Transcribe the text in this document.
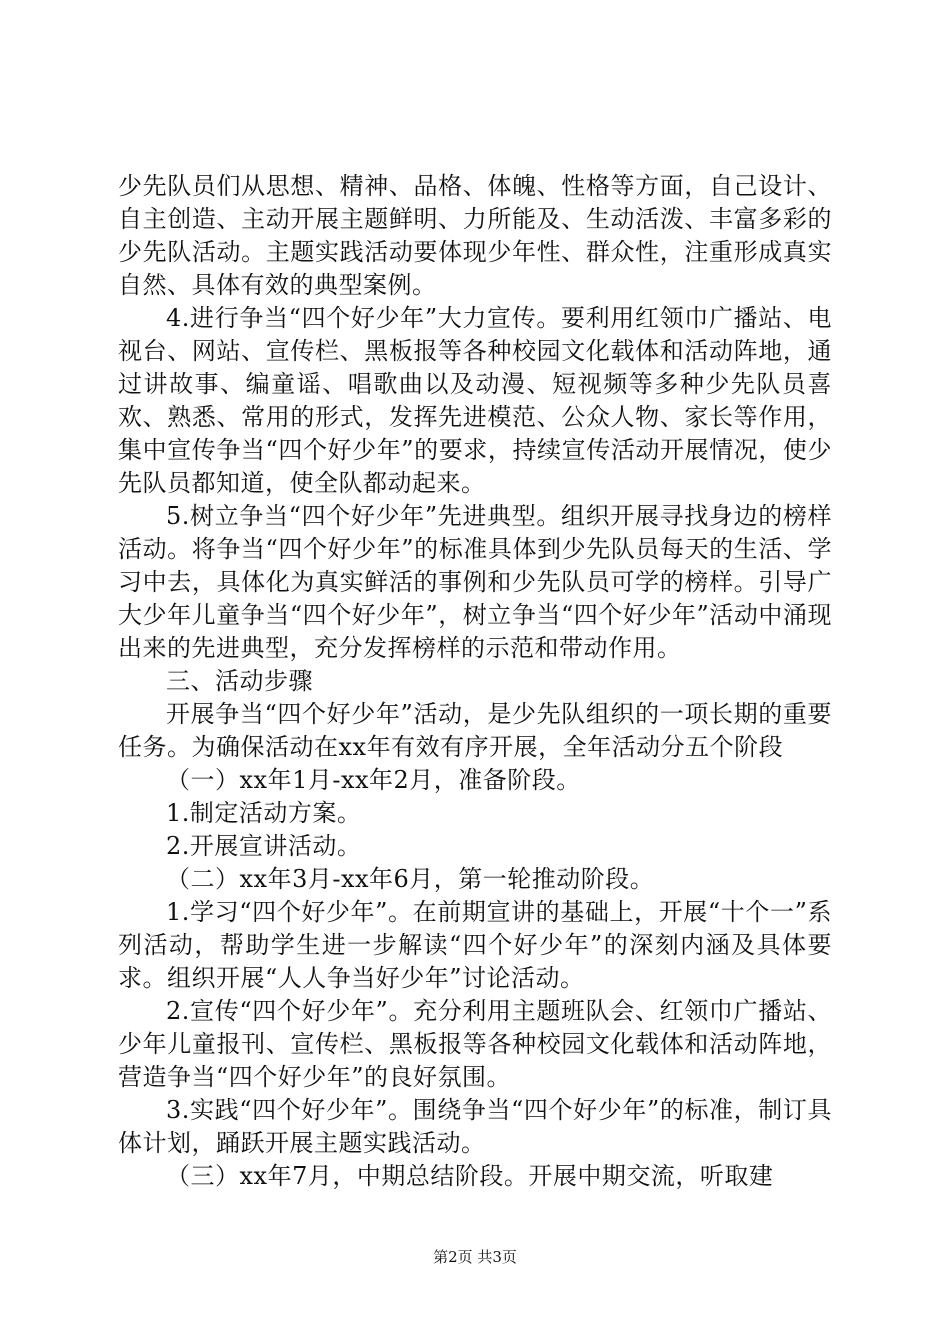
少先队员们从思想、精神、品格、体魄、性格等方面，自己设计、自主创造、主动开展主题鲜明、力所能及、生动活泼、丰富多彩的少先队活动。主题实践活动要体现少年性、群众性，注重形成真实自然、具体有效的典型案例。

4.进行争当“四个好少年”大力宣传。要利用红领巾广播站、电视台、网站、宣传栏、黑板报等各种校园文化载体和活动阵地，通过讲故事、编童谣、唱歌曲以及动漫、短视频等多种少先队员喜欢、熟悉、常用的形式，发挥先进模范、公众人物、家长等作用，集中宣传争当“四个好少年”的要求，持续宣传活动开展情况，使少先队员都知道，使全队都动起来。

5.树立争当“四个好少年”先进典型。组织开展寻找身边的榜样活动。将争当“四个好少年”的标准具体到少先队员每天的生活、学习中去，具体化为真实鲜活的事例和少先队员可学的榜样。引导广大少年儿童争当“四个好少年”，树立争当“四个好少年”活动中涌现出来的先进典型，充分发挥榜样的示范和带动作用。

三、活动步骤

开展争当“四个好少年”活动，是少先队组织的一项长期的重要任务。为确保活动在xx年有效有序开展，全年活动分五个阶段

（一）xx年1月-xx年2月，准备阶段。

1.制定活动方案。

2.开展宣讲活动。

（二）xx年3月-xx年6月，第一轮推动阶段。

1.学习“四个好少年”。在前期宣讲的基础上，开展“十个一”系列活动，帮助学生进一步解读“四个好少年”的深刻内涵及具体要求。组织开展“人人争当好少年”讨论活动。

2.宣传“四个好少年”。充分利用主题班队会、红领巾广播站、少年儿童报刊、宣传栏、黑板报等各种校园文化载体和活动阵地，营造争当“四个好少年”的良好氛围。

3.实践“四个好少年”。围绕争当“四个好少年”的标准，制订具体计划，踊跃开展主题实践活动。

（三）xx年7月，中期总结阶段。开展中期交流，听取建

第2页 共3页
